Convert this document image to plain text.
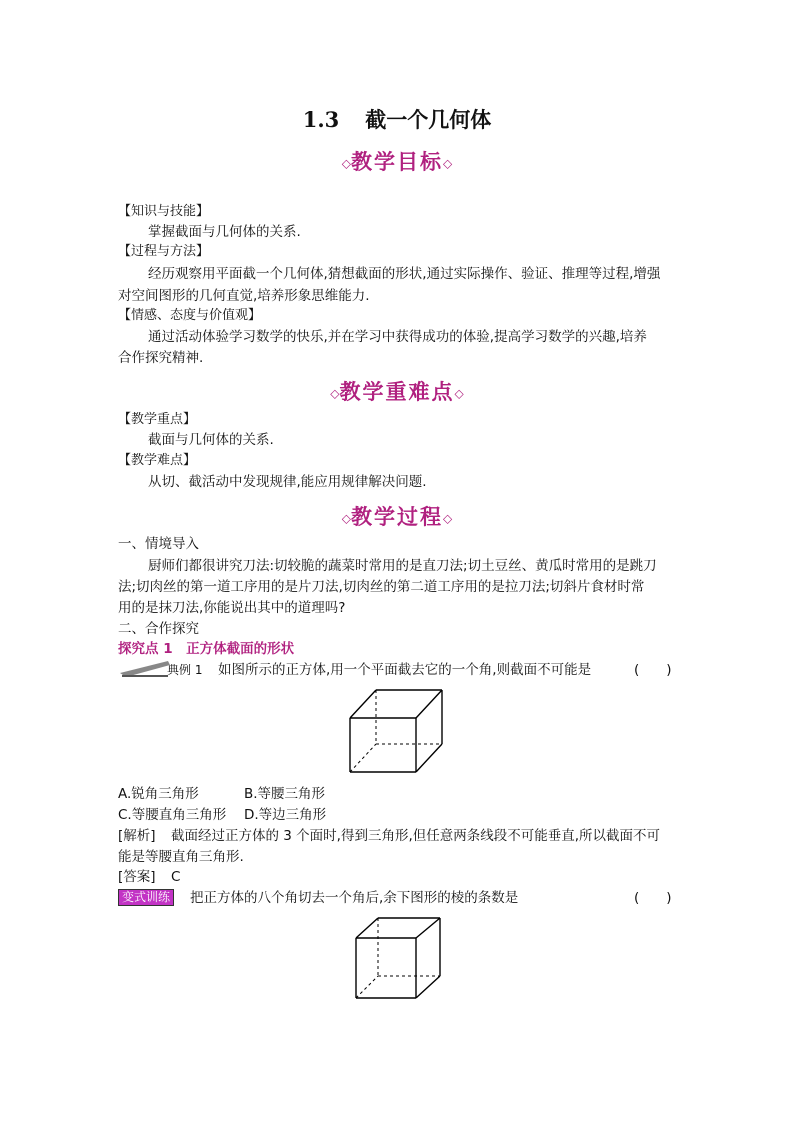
1.3 截一个几何体
◇教学目标◇
【知识与技能】
掌握截面与几何体的关系.
【过程与方法】
经历观察用平面截一个几何体,猜想截面的形状,通过实际操作、验证、推理等过程,增强
对空间图形的几何直觉,培养形象思维能力.
【情感、态度与价值观】
通过活动体验学习数学的快乐,并在学习中获得成功的体验,提高学习数学的兴趣,培养
合作探究精神.
◇教学重难点◇
【教学重点】
截面与几何体的关系.
【教学难点】
从切、截活动中发现规律,能应用规律解决问题.
◇教学过程◇
一、情境导入
厨师们都很讲究刀法:切较脆的蔬菜时常用的是直刀法;切土豆丝、黄瓜时常用的是跳刀
法;切肉丝的第一道工序用的是片刀法,切肉丝的第二道工序用的是拉刀法;切斜片食材时常
用的是抹刀法,你能说出其中的道理吗?
二、合作探究
探究点 1　正方体截面的形状
典例 1 如图所示的正方体,用一个平面截去它的一个角,则截面不可能是	(　　)
A.锐角三角形	B.等腰三角形
C.等腰直角三角形 D.等边三角形
[解析] 截面经过正方体的 3 个面时,得到三角形,但任意两条线段不可能垂直,所以截面不可
能是等腰直角三角形.
[答案] C
变式训练 把正方体的八个角切去一个角后,余下图形的棱的条数是	(　　)
